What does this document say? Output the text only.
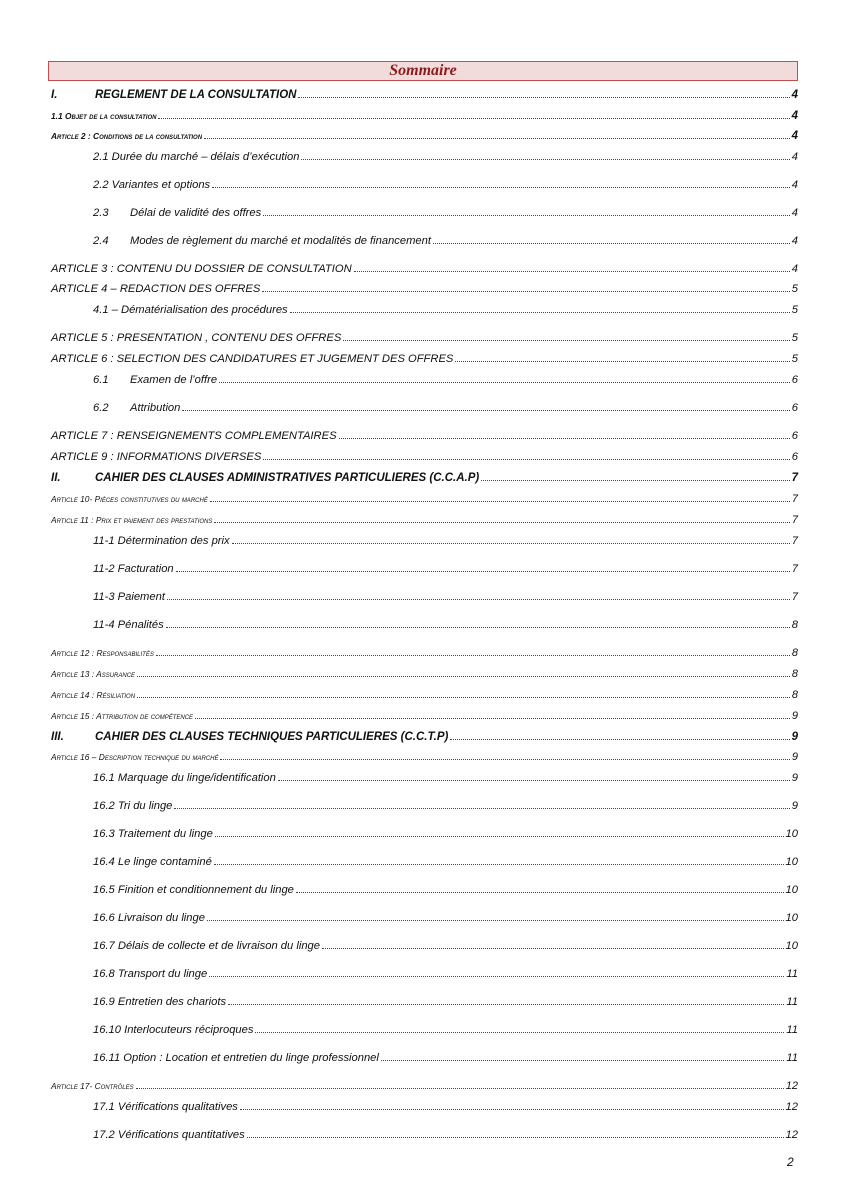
Sommaire
I.	REGLEMENT DE LA CONSULTATION	4
1.1 Objet de la consultation	4
Article 2 : Conditions de la consultation	4
2.1 Durée du marché – délais d’exécution	4
2.2 Variantes et options	4
2.3	Délai de validité des offres	4
2.4	Modes de règlement du marché et modalités de financement	4
ARTICLE 3 : CONTENU DU DOSSIER DE CONSULTATION	4
ARTICLE 4 – REDACTION DES OFFRES	5
4.1 – Dématérialisation des procédures	5
ARTICLE 5 : PRESENTATION , CONTENU DES OFFRES	5
ARTICLE 6 : SELECTION DES CANDIDATURES ET JUGEMENT DES OFFRES	5
6.1	Examen de l’offre	6
6.2	Attribution	6
ARTICLE 7 : RENSEIGNEMENTS COMPLEMENTAIRES	6
ARTICLE 9 : INFORMATIONS DIVERSES	6
II.	CAHIER DES CLAUSES ADMINISTRATIVES PARTICULIERES (C.C.A.P)	7
Article 10- Pièces constitutives du marché	7
Article 11 : Prix et paiement des prestations	7
11-1 Détermination des prix	7
11-2 Facturation	7
11-3 Paiement	7
11-4 Pénalités	8
Article 12 : Responsabilités	8
Article 13 : Assurance	8
Article 14 : Résiliation	8
Article 15 : Attribution de compétence	9
III.	CAHIER DES CLAUSES TECHNIQUES PARTICULIERES (C.C.T.P)	9
Article 16 – Description technique du marché	9
16.1 Marquage du linge/identification	9
16.2 Tri du linge	9
16.3 Traitement du linge	10
16.4 Le linge contaminé	10
16.5 Finition et conditionnement du linge	10
16.6 Livraison du linge	10
16.7 Délais de collecte et de livraison du linge	10
16.8 Transport du linge	11
16.9 Entretien des chariots	11
16.10 Interlocuteurs réciproques	11
16.11 Option : Location et entretien du linge professionnel	11
Article 17- Contrôles	12
17.1 Vérifications qualitatives	12
17.2 Vérifications quantitatives	12
2
